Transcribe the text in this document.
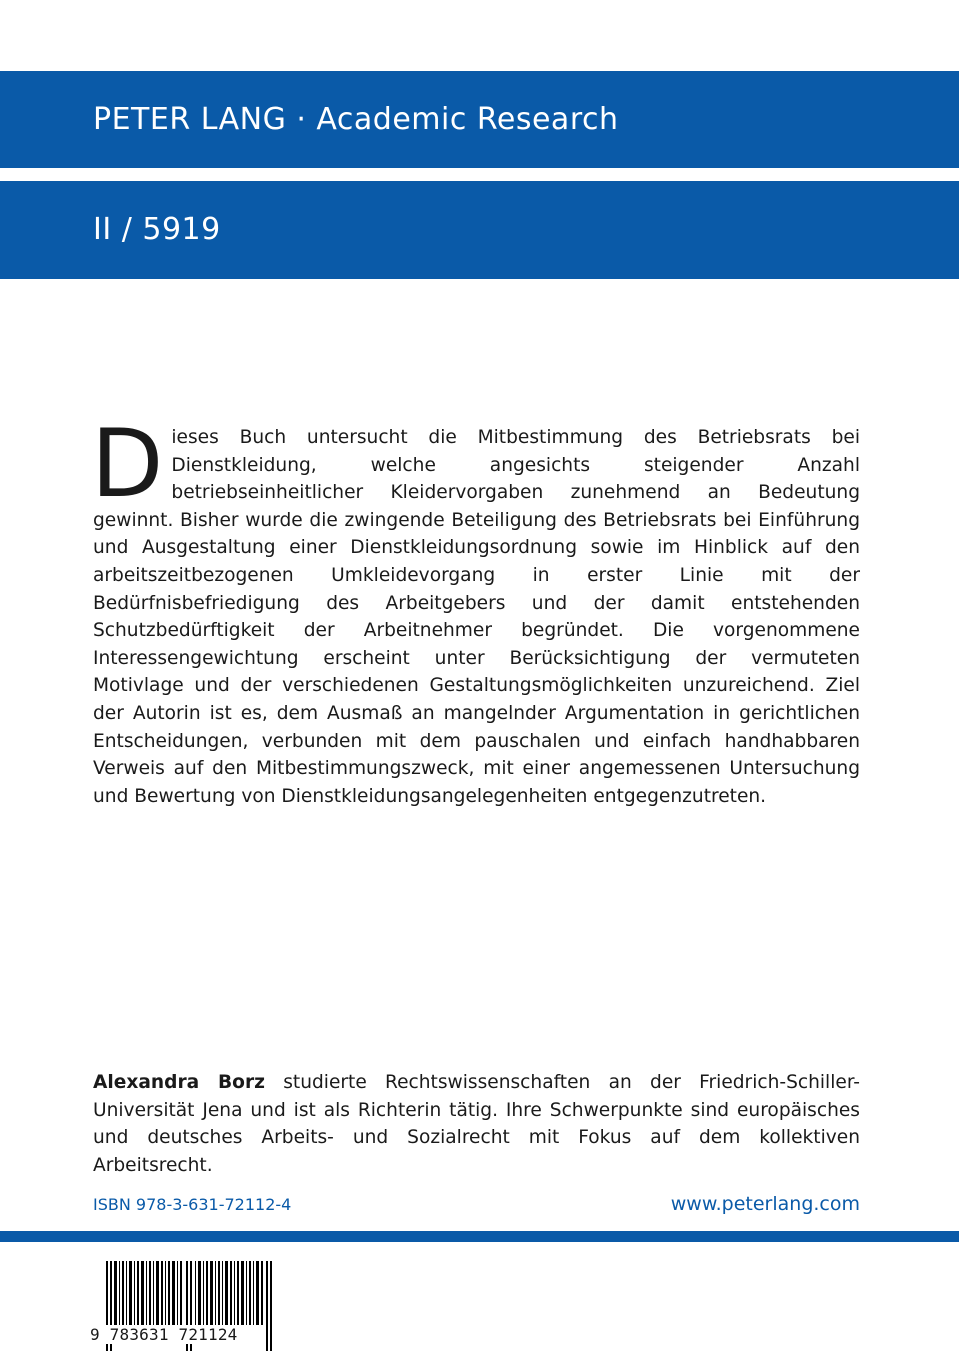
PETER LANG · Academic Research
II / 5919
Dieses Buch untersucht die Mitbestimmung des Betriebsrats bei Dienstkleidung, welche angesichts steigender Anzahl betriebseinheitlicher Kleidervorgaben zunehmend an Bedeutung gewinnt. Bisher wurde die zwingende Beteiligung des Betriebsrats bei Einführung und Ausgestaltung einer Dienstkleidungsordnung sowie im Hinblick auf den arbeitszeitbezogenen Umkleidevorgang in erster Linie mit der Bedürfnisbefriedigung des Arbeitgebers und der damit entstehenden Schutzbedürftigkeit der Arbeitnehmer begründet. Die vorgenommene Interessengewichtung erscheint unter Berücksichtigung der vermuteten Motivlage und der verschiedenen Gestaltungsmöglichkeiten unzureichend. Ziel der Autorin ist es, dem Ausmaß an mangelnder Argumentation in gerichtlichen Entscheidungen, verbunden mit dem pauschalen und einfach handhabbaren Verweis auf den Mitbestimmungszweck, mit einer angemessenen Untersuchung und Bewertung von Dienstkleidungsangelegenheiten entgegenzutreten.
Alexandra Borz studierte Rechtswissenschaften an der Friedrich-Schiller-Universität Jena und ist als Richterin tätig. Ihre Schwerpunkte sind europäisches und deutsches Arbeits- und Sozialrecht mit Fokus auf dem kollektiven Arbeitsrecht.
ISBN 978-3-631-72112-4	www.peterlang.com
9 783631 721124
